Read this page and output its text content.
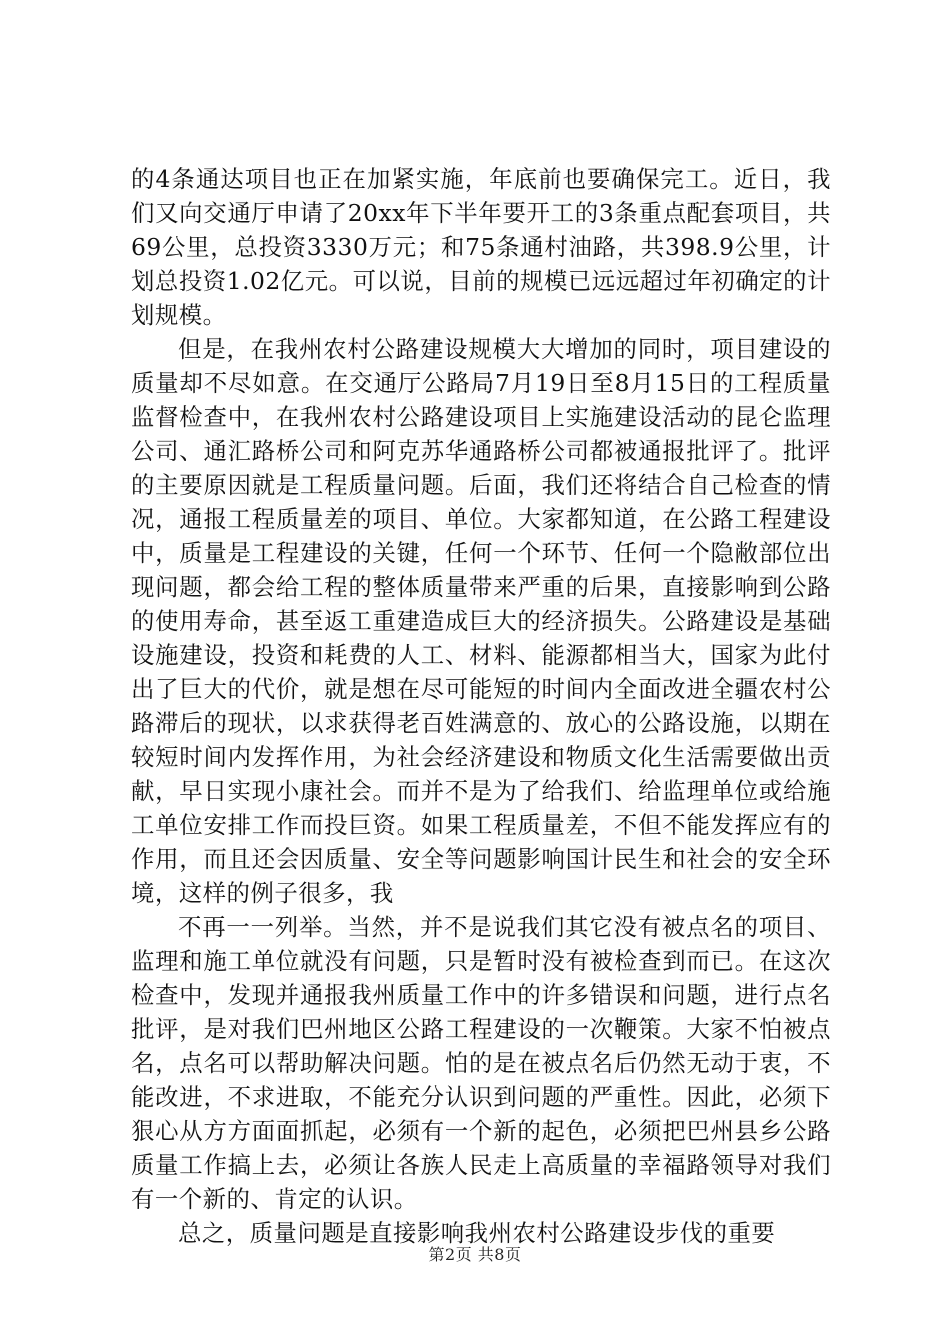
的4条通达项目也正在加紧实施，年底前也要确保完工。近日，我们又向交通厅申请了20xx年下半年要开工的3条重点配套项目，共69公里，总投资3330万元；和75条通村油路，共398.9公里，计划总投资1.02亿元。可以说，目前的规模已远远超过年初确定的计划规模。

但是，在我州农村公路建设规模大大增加的同时，项目建设的质量却不尽如意。在交通厅公路局7月19日至8月15日的工程质量监督检查中，在我州农村公路建设项目上实施建设活动的昆仑监理公司、通汇路桥公司和阿克苏华通路桥公司都被通报批评了。批评的主要原因就是工程质量问题。后面，我们还将结合自己检查的情况，通报工程质量差的项目、单位。大家都知道，在公路工程建设中，质量是工程建设的关键，任何一个环节、任何一个隐敝部位出现问题，都会给工程的整体质量带来严重的后果，直接影响到公路的使用寿命，甚至返工重建造成巨大的经济损失。公路建设是基础设施建设，投资和耗费的人工、材料、能源都相当大，国家为此付出了巨大的代价，就是想在尽可能短的时间内全面改进全疆农村公路滞后的现状，以求获得老百姓满意的、放心的公路设施，以期在较短时间内发挥作用，为社会经济建设和物质文化生活需要做出贡献，早日实现小康社会。而并不是为了给我们、给监理单位或给施工单位安排工作而投巨资。如果工程质量差，不但不能发挥应有的作用，而且还会因质量、安全等问题影响国计民生和社会的安全环境，这样的例子很多，我

不再一一列举。当然，并不是说我们其它没有被点名的项目、监理和施工单位就没有问题，只是暂时没有被检查到而已。在这次检查中，发现并通报我州质量工作中的许多错误和问题，进行点名批评，是对我们巴州地区公路工程建设的一次鞭策。大家不怕被点名，点名可以帮助解决问题。怕的是在被点名后仍然无动于衷，不能改进，不求进取，不能充分认识到问题的严重性。因此，必须下狠心从方方面面抓起，必须有一个新的起色，必须把巴州县乡公路质量工作搞上去，必须让各族人民走上高质量的幸福路领导对我们有一个新的、肯定的认识。

总之，质量问题是直接影响我州农村公路建设步伐的重要

第2页 共8页
